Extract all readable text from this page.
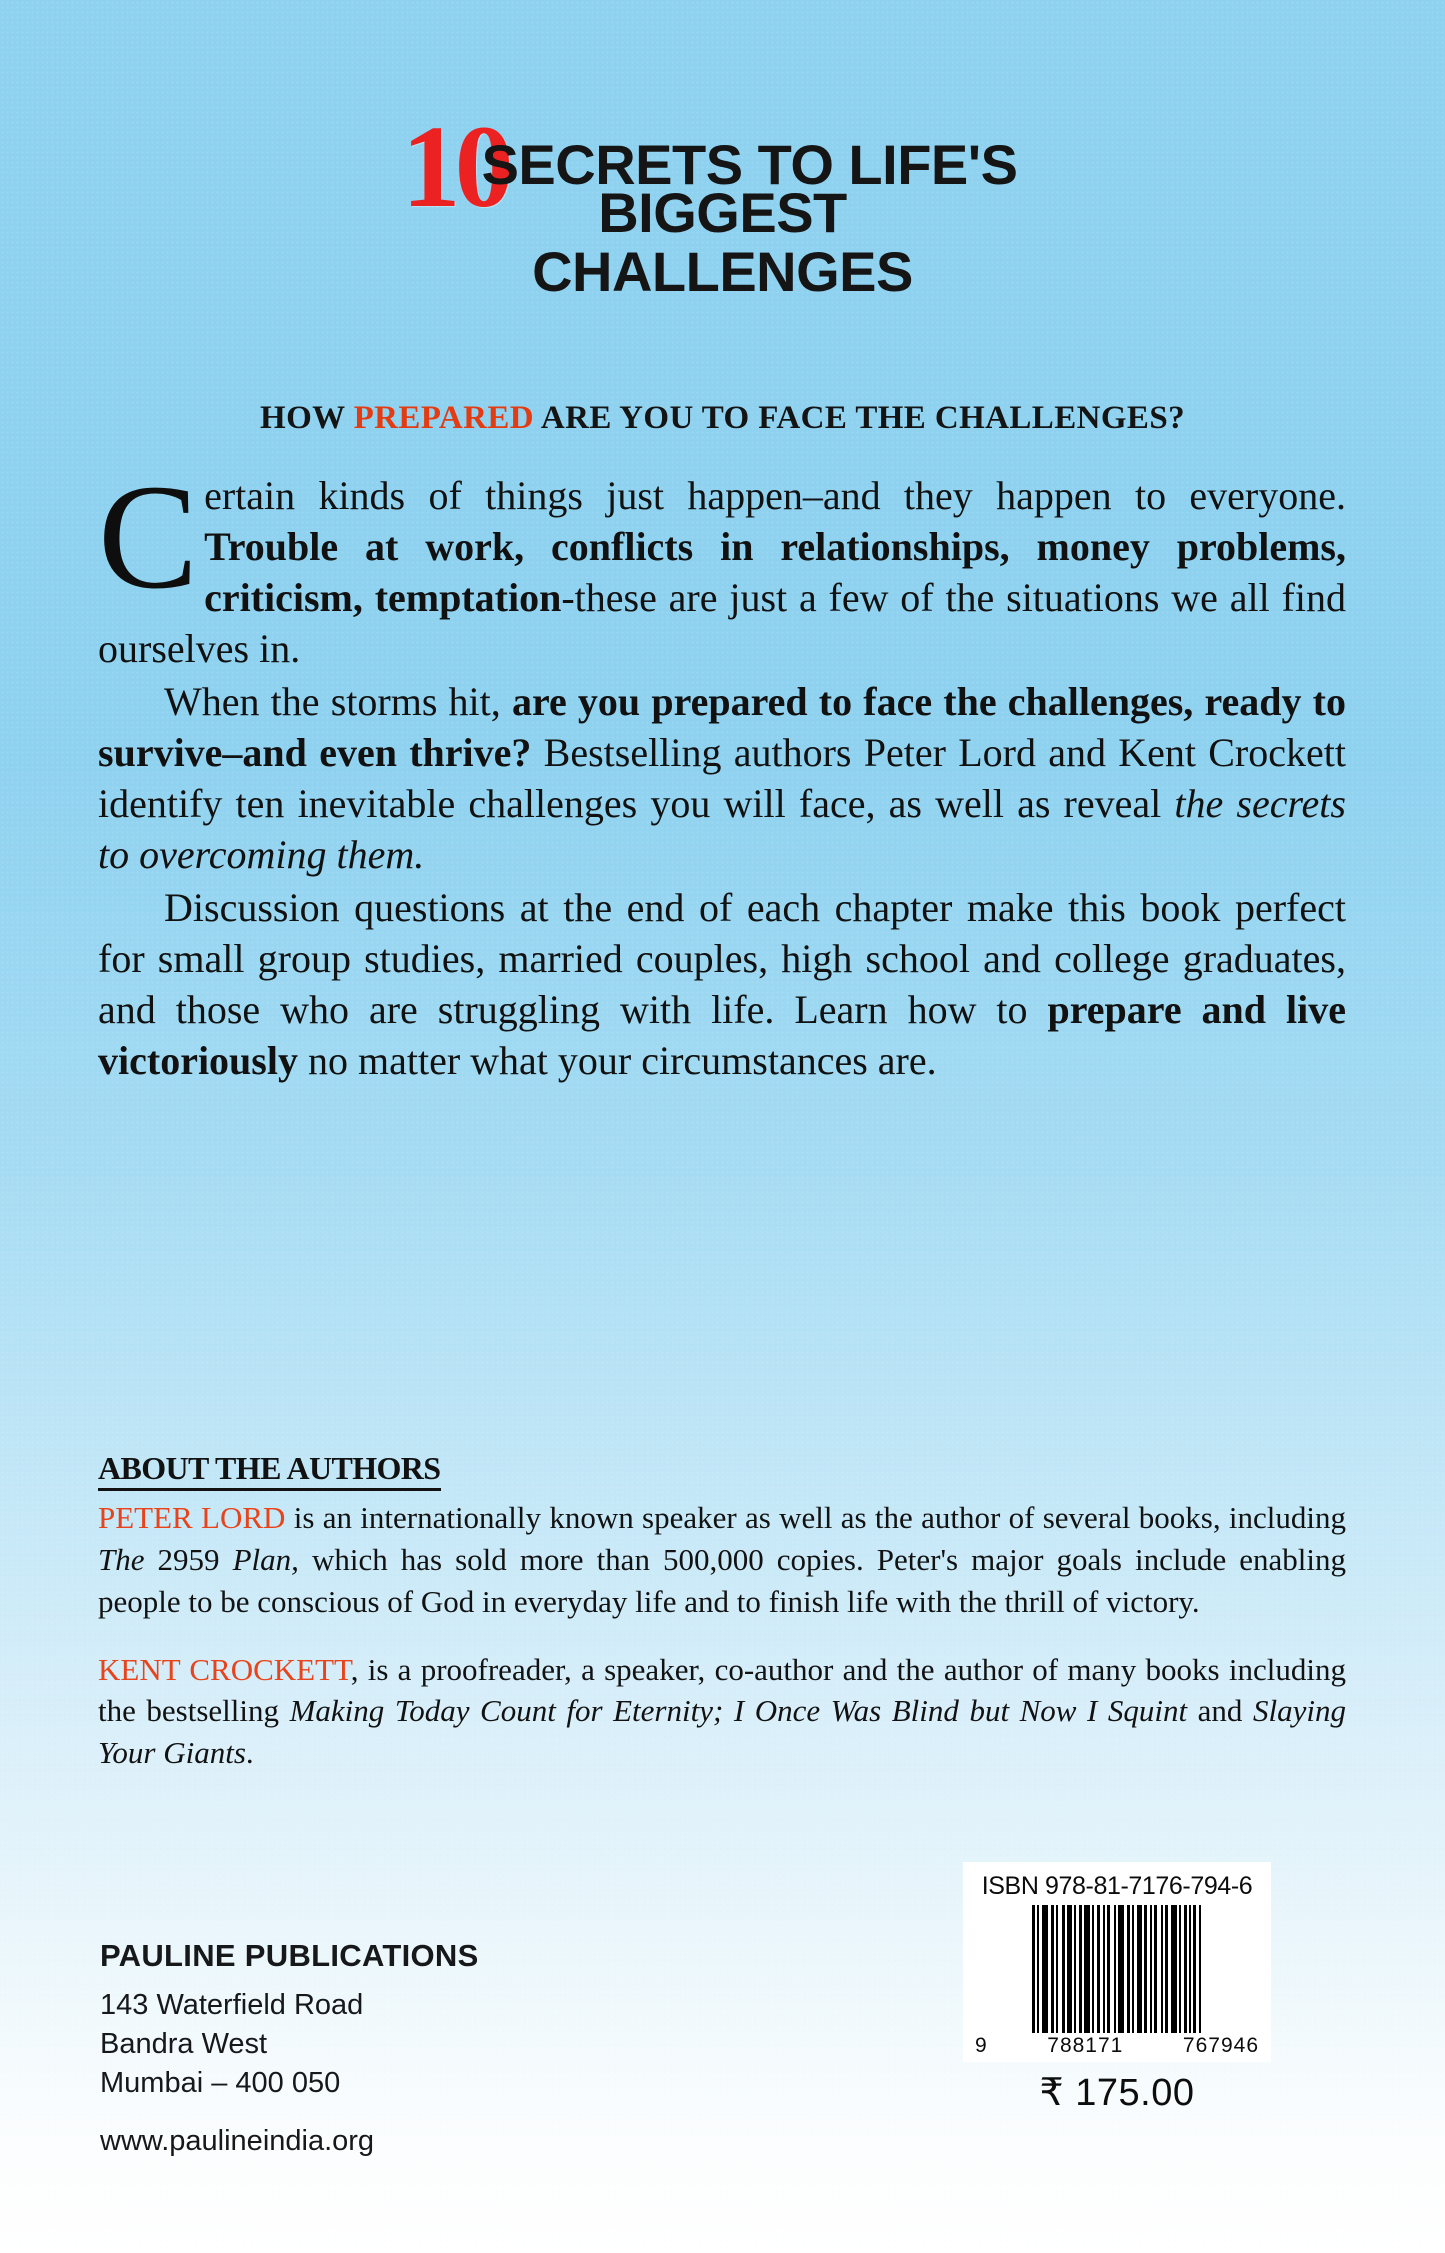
10SECRETS TO LIFE'S
BIGGEST
CHALLENGES
HOW PREPARED ARE YOU TO FACE THE CHALLENGES?

Certain kinds of things just happen–and they happen to everyone. Trouble at work, conflicts in relationships, money problems, criticism, temptation-these are just a few of the situations we all find ourselves in.

When the storms hit, are you prepared to face the challenges, ready to survive–and even thrive? Bestselling authors Peter Lord and Kent Crockett identify ten inevitable challenges you will face, as well as reveal the secrets to overcoming them.

Discussion questions at the end of each chapter make this book perfect for small group studies, married couples, high school and college graduates, and those who are struggling with life. Learn how to prepare and live victoriously no matter what your circumstances are.

ABOUT THE AUTHORS

PETER LORD is an internationally known speaker as well as the author of several books, including The 2959 Plan, which has sold more than 500,000 copies. Peter's major goals include enabling people to be conscious of God in everyday life and to finish life with the thrill of victory.

KENT CROCKETT, is a proofreader, a speaker, co-author and the author of many books including the bestselling Making Today Count for Eternity; I Once Was Blind but Now I Squint and Slaying Your Giants.

PAULINE PUBLICATIONS
143 Waterfield Road
Bandra West
Mumbai – 400 050
www.paulineindia.org
ISBN 978-81-7176-794-6
9	788171	767946
₹ 175.00
